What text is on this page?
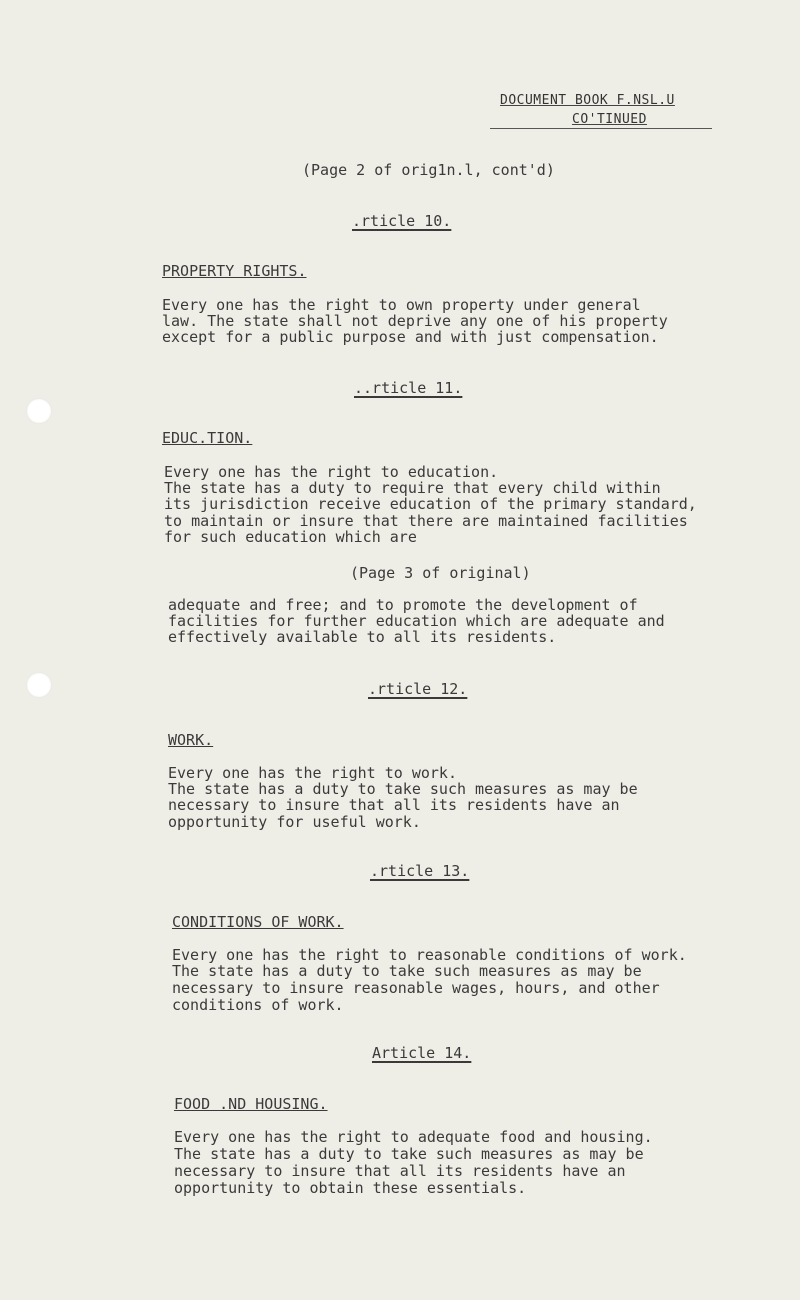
DOCUMENT BOOK F.NSL.U
CO'TINUED
(Page 2 of orig1n.l, cont'd)
.rticle 10.
PROPERTY RIGHTS.
Every one has the right to own property under general
law. The state shall not deprive any one of his property
except for a public purpose and with just compensation.
..rticle 11.
EDUC.TION.
Every one has the right to education.
The state has a duty to require that every child within
its jurisdiction receive education of the primary standard,
to maintain or insure that there are maintained facilities
for such education which are
(Page 3 of original)
adequate and free; and to promote the development of
facilities for further education which are adequate and
effectively available to all its residents.
.rticle 12.
WORK.
Every one has the right to work.
The state has a duty to take such measures as may be
necessary to insure that all its residents have an
opportunity for useful work.
.rticle 13.
CONDITIONS OF WORK.
Every one has the right to reasonable conditions of work.
The state has a duty to take such measures as may be
necessary to insure reasonable wages, hours, and other
conditions of work.
Article 14.
FOOD .ND HOUSING.
Every one has the right to adequate food and housing.
The state has a duty to take such measures as may be
necessary to insure that all its residents have an
opportunity to obtain these essentials.
